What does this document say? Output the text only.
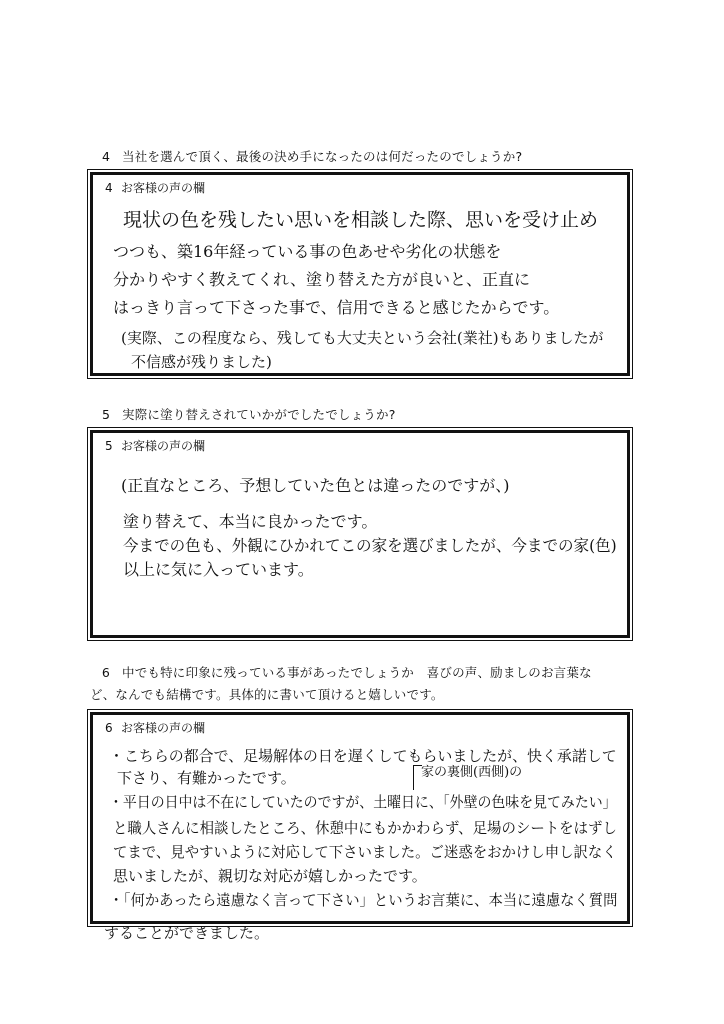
4 当社を選んで頂く、最後の決め手になったのは何だったのでしょうか?
4 お客様の声の欄
現状の色を残したい思いを相談した際、思いを受け止め
つつも、築16年経っている事の色あせや劣化の状態を
分かりやすく教えてくれ、塗り替えた方が良いと、正直に
はっきり言って下さった事で、信用できると感じたからです。
(実際、この程度なら、残しても大丈夫という会社(業社)もありましたが
不信感が残りました)
5 実際に塗り替えされていかがでしたでしょうか?
5 お客様の声の欄
(正直なところ、予想していた色とは違ったのですが、)
塗り替えて、本当に良かったです。
今までの色も、外観にひかれてこの家を選びましたが、今までの家(色)
以上に気に入っています。
6 中でも特に印象に残っている事があったでしょうか　喜びの声、励ましのお言葉な
ど、なんでも結構です。具体的に書いて頂けると嬉しいです。
6 お客様の声の欄
・こちらの都合で、足場解体の日を遅くしてもらいましたが、快く承諾して
下さり、有難かったです。	家の裏側(西側)の
・平日の日中は不在にしていたのですが、土曜日に、「外壁の色味を見てみたい」
と職人さんに相談したところ、休憩中にもかかわらず、足場のシートをはずし
てまで、見やすいように対応して下さいました。ご迷惑をおかけし申し訳なく
思いましたが、親切な対応が嬉しかったです。
・「何かあったら遠慮なく言って下さい」というお言葉に、本当に遠慮なく質問
することができました。
